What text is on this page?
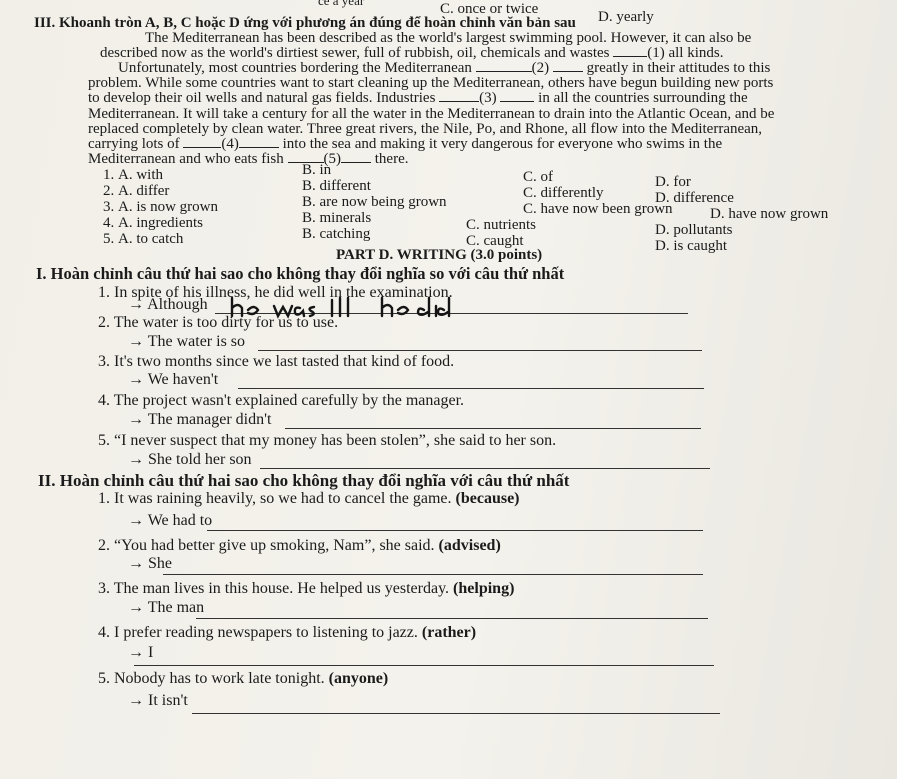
ce a year
C. once or twice	D. yearly
III. Khoanh tròn A, B, C hoặc D ứng với phương án đúng để hoàn chỉnh văn bản sau
The Mediterranean has been described as the world's largest swimming pool. However, it can also be
described now as the world's dirtiest sewer, full of rubbish, oil, chemicals and wastes	(1) all kinds.
Unfortunately, most countries bordering the Mediterranean	(2)	greatly in their attitudes to this
problem. While some countries want to start cleaning up the Mediterranean, others have begun building new ports
to develop their oil wells and natural gas fields. Industries	(3)	in all the countries surrounding the
Mediterranean. It will take a century for all the water in the Mediterranean to drain into the Atlantic Ocean, and be
replaced completely by clean water. Three great rivers, the Nile, Po, and Rhone, all flow into the Mediterranean,
carrying lots of	(4)	into the sea and making it very dangerous for everyone who swims in the
Mediterranean and who eats fish	(5) there.
1. A. with	B. in	C. of	D. for
2. A. differ	B. different	C. differently	D. difference
3. A. is now grown	B. are now being grown	C. have now been grown D. have now grown
4. A. ingredients	B. minerals	C. nutrients	D. pollutants
5. A. to catch	B. catching	C. caught	D. is caught
PART D. WRITING (3.0 points)
I. Hoàn chỉnh câu thứ hai sao cho không thay đổi nghĩa so với câu thứ nhất
1. In spite of his illness, he did well in the examination.
→ Although
2. The water is too dirty for us to use.
→ The water is so
3. It's two months since we last tasted that kind of food.
→ We haven't
4. The project wasn't explained carefully by the manager.
→ The manager didn't
5. “I never suspect that my money has been stolen”, she said to her son.
→ She told her son
II. Hoàn chỉnh câu thứ hai sao cho không thay đổi nghĩa với câu thứ nhất
1. It was raining heavily, so we had to cancel the game. (because)
→ We had to
2. “You had better give up smoking, Nam”, she said. (advised)
→ She
3. The man lives in this house. He helped us yesterday. (helping)
→ The man
4. I prefer reading newspapers to listening to jazz. (rather)
→ I
5. Nobody has to work late tonight. (anyone)
→ It isn't
